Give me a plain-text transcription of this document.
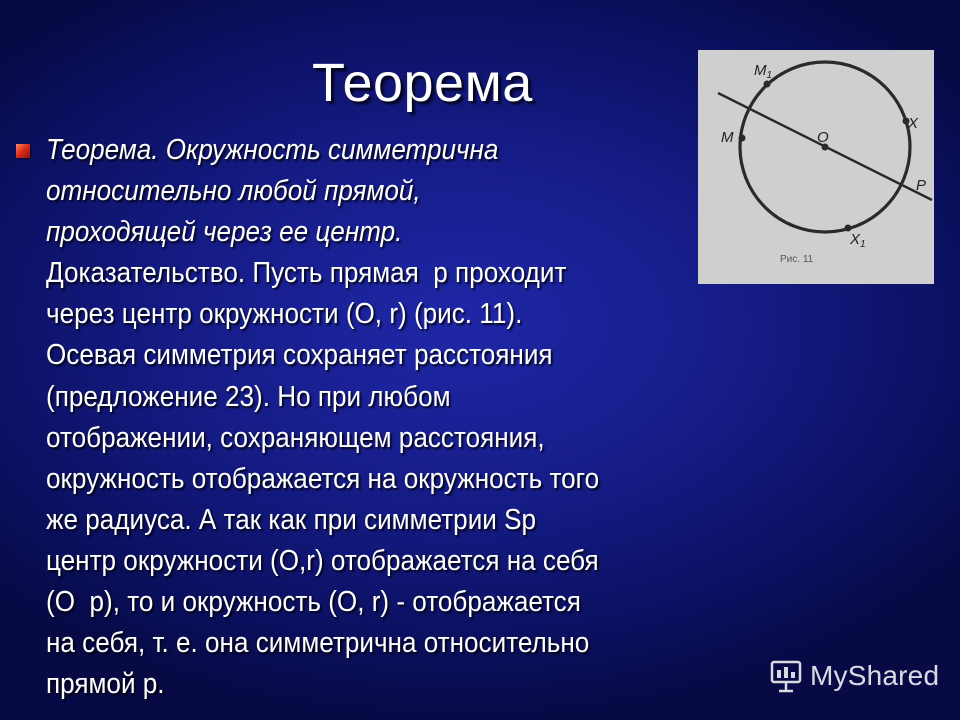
Теорема
Теорема. Окружность симметрична
относительно любой прямой,
проходящей через ее центр.
Доказательство. Пусть прямая  р проходит
через центр окружности (О, r) (рис. 11).
Осевая симметрия сохраняет расстояния
(предложение 23). Но при любом
отображении, сохраняющем расстояния,
окружность отображается на окружность того
же радиуса. А так как при симметрии Sp
центр окружности (O,r) отображается на себя
(O  p), то и окружность (O, r) - отображается
на себя, т. е. она симметрична относительно
прямой р.
$M_1$
M	O
X
P
$X_1$
Рис. 11
MyShared
